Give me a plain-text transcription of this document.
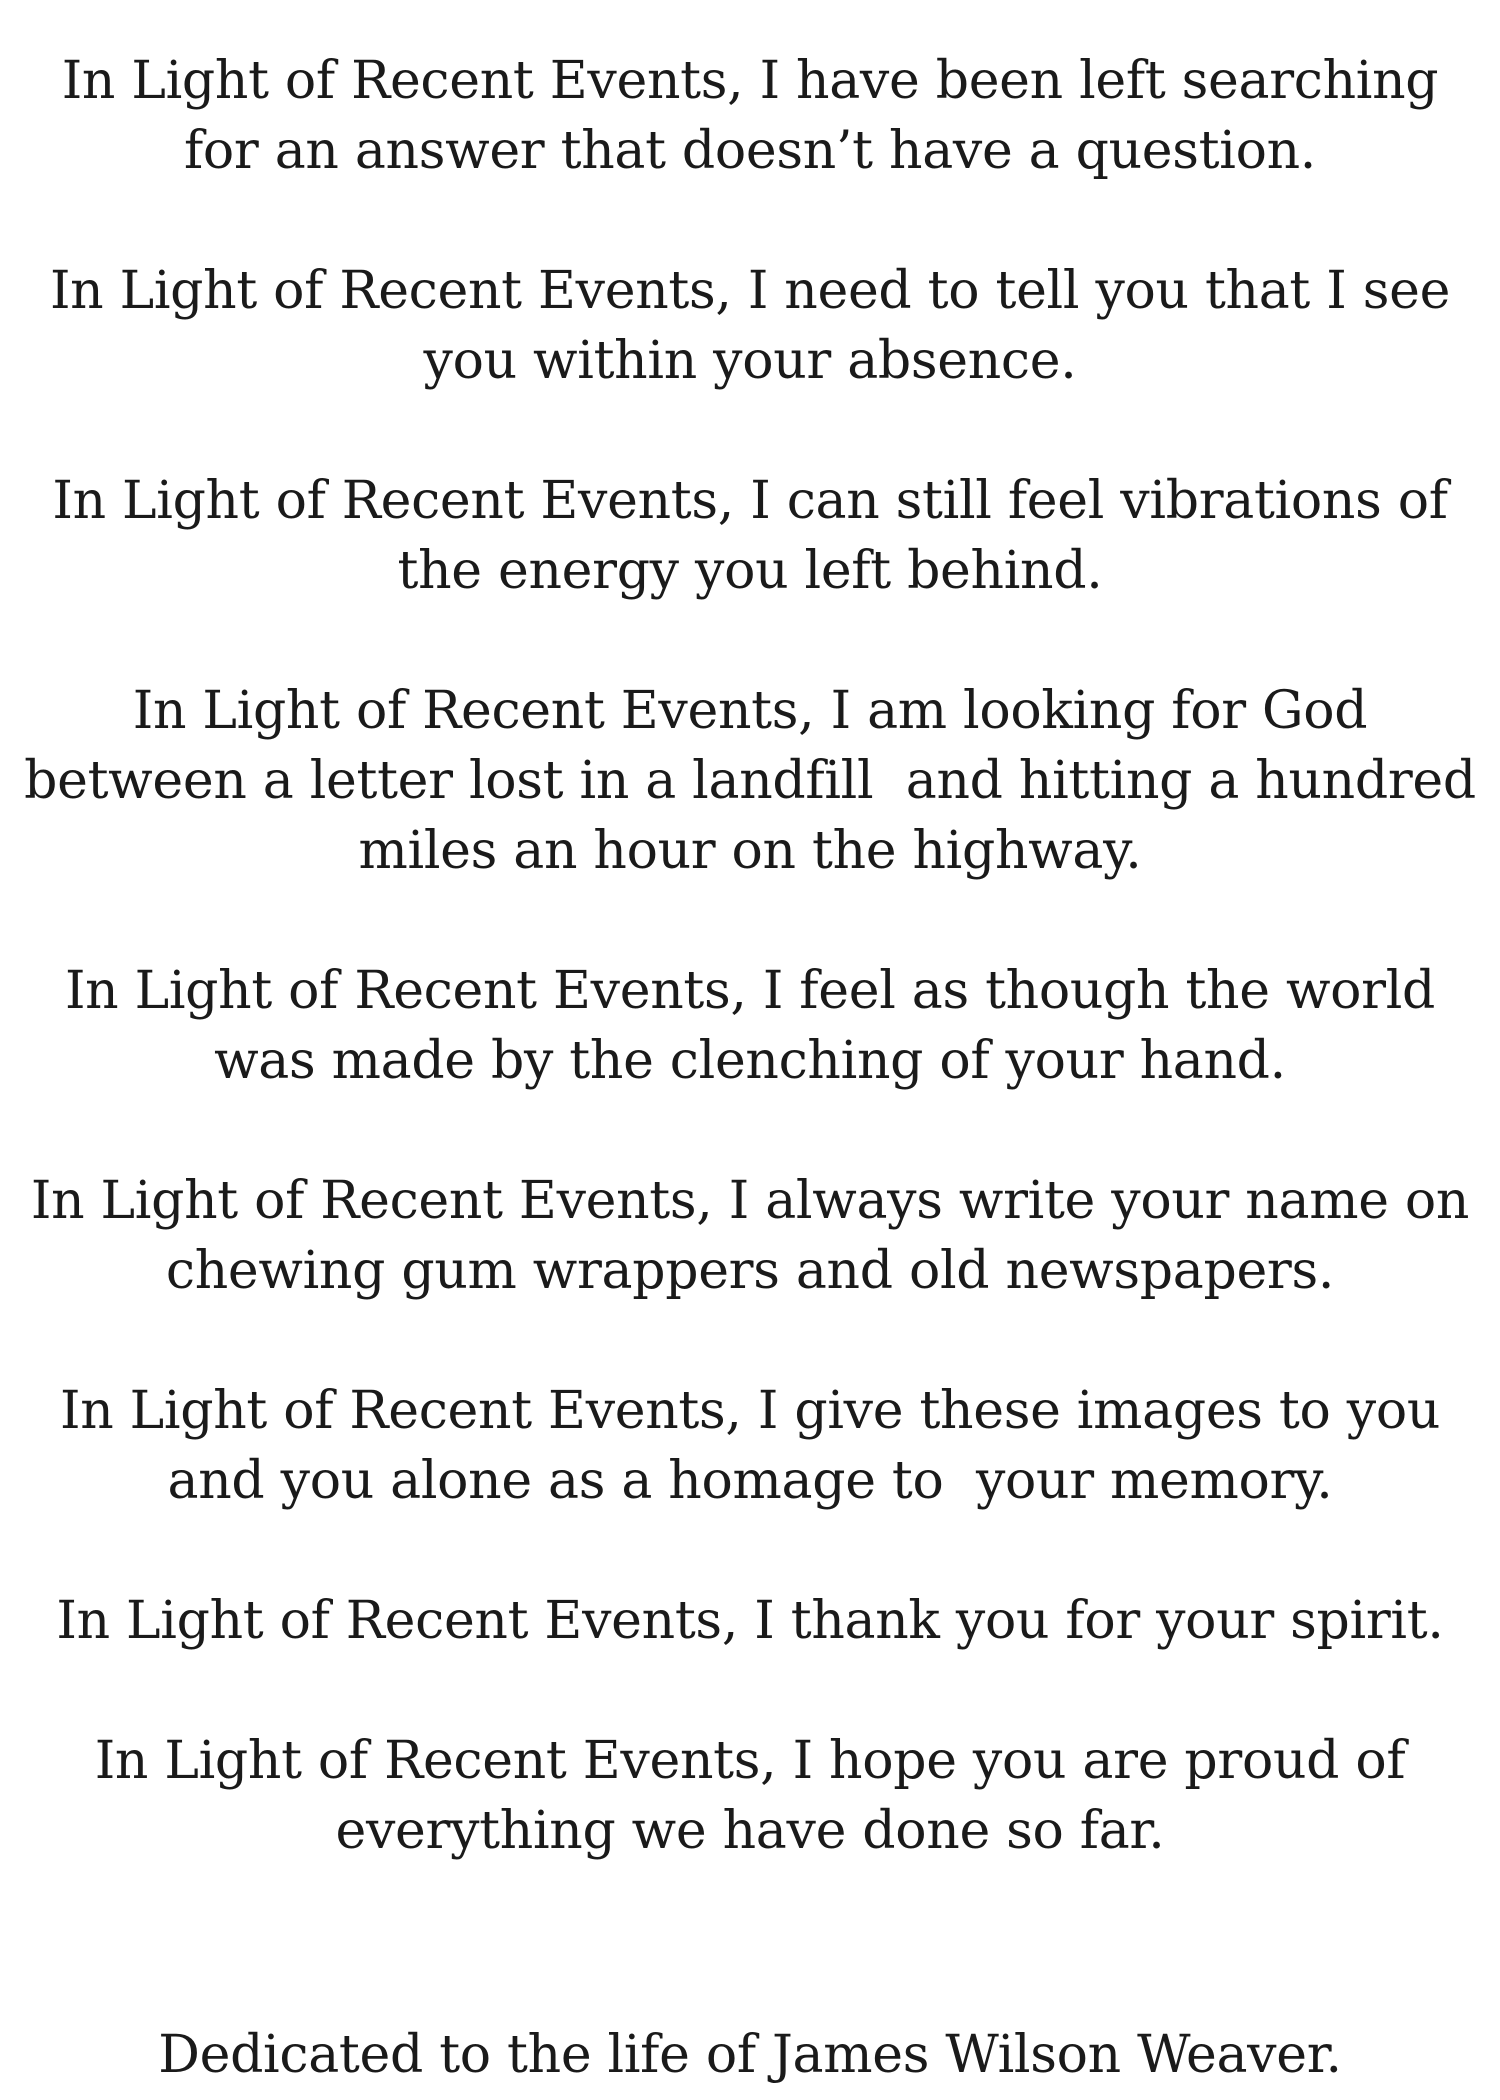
In Light of Recent Events, I have been left searching
for an answer that doesn’t have a question.
In Light of Recent Events, I need to tell you that I see
you within your absence.
In Light of Recent Events, I can still feel vibrations of
the energy you left behind.
In Light of Recent Events, I am looking for God
between a letter lost in a landfill  and hitting a hundred
miles an hour on the highway.
In Light of Recent Events, I feel as though the world
was made by the clenching of your hand.
In Light of Recent Events, I always write your name on
chewing gum wrappers and old newspapers.
In Light of Recent Events, I give these images to you
and you alone as a homage to  your memory.
In Light of Recent Events, I thank you for your spirit.
In Light of Recent Events, I hope you are proud of
everything we have done so far.
Dedicated to the life of James Wilson Weaver.
